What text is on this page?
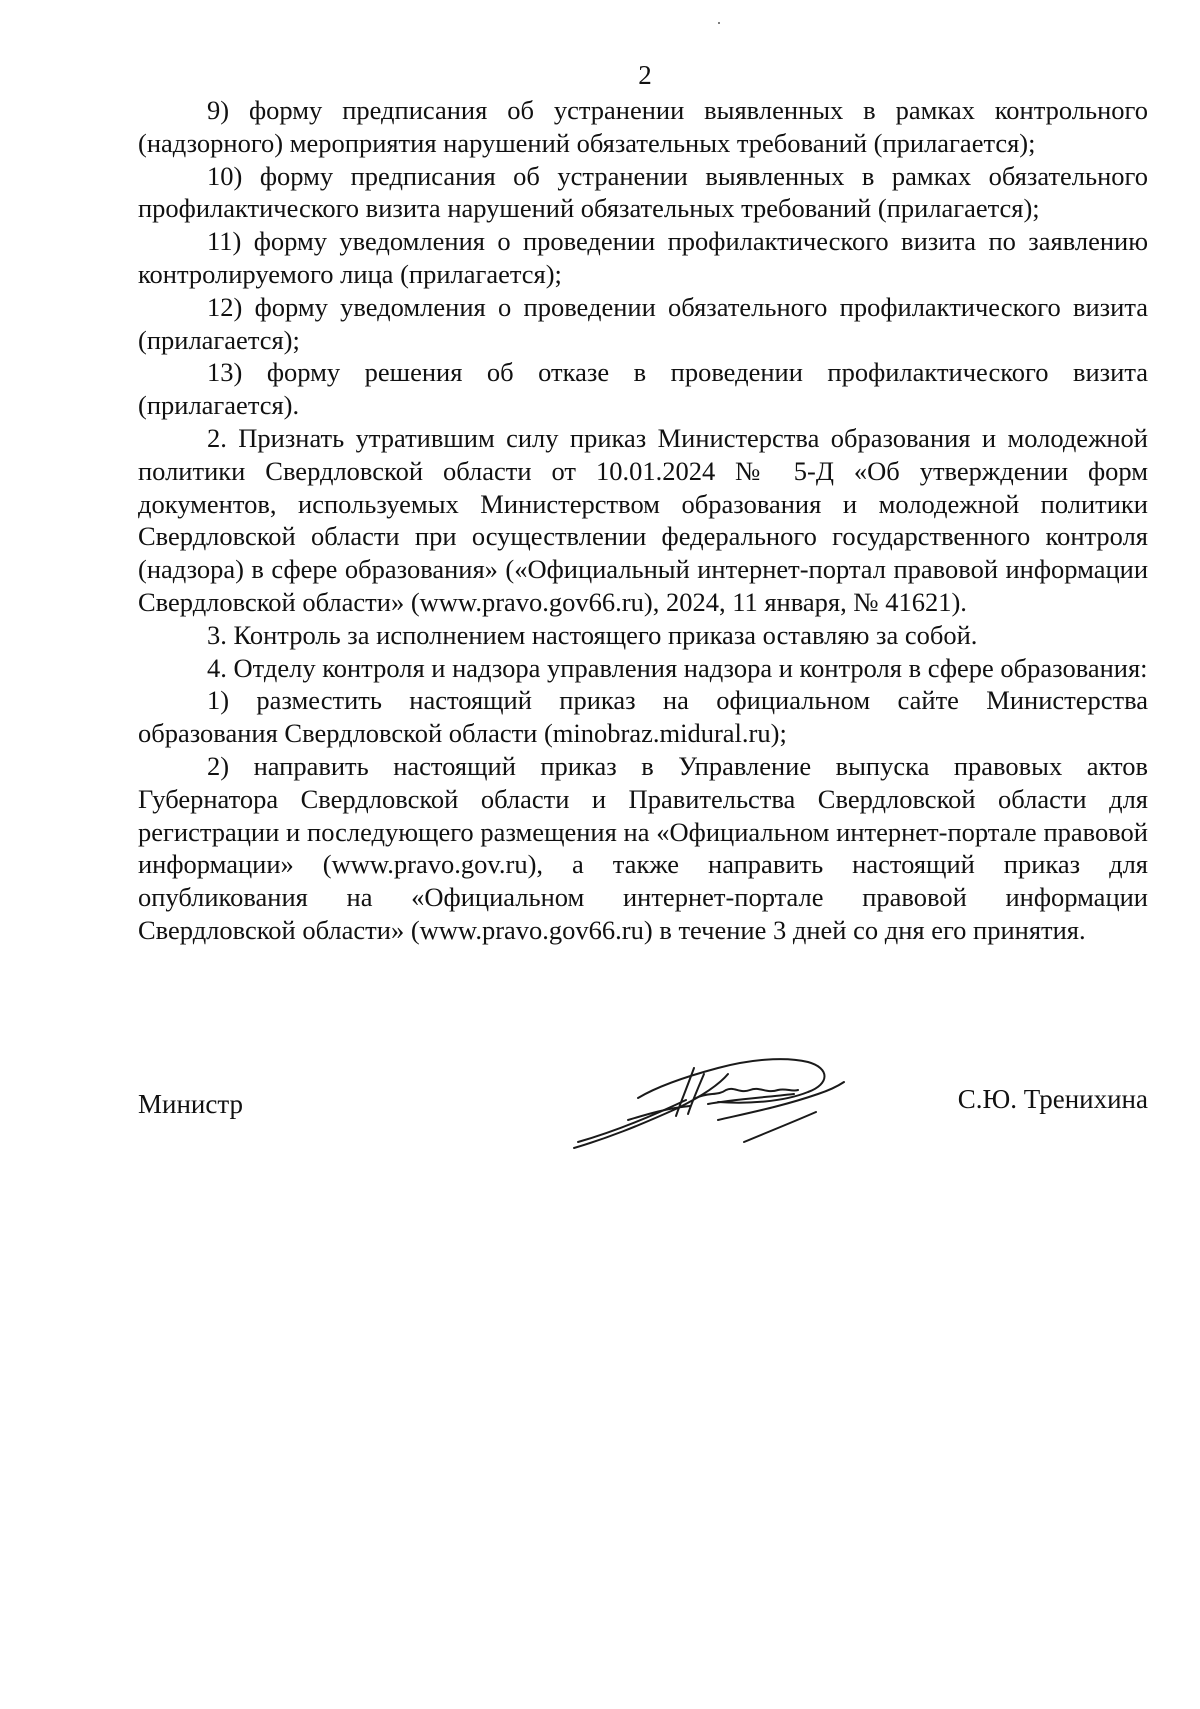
2

9) форму предписания об устранении выявленных в рамках контрольного (надзорного) мероприятия нарушений обязательных требований (прилагается);

10) форму предписания об устранении выявленных в рамках обязательного профилактического визита нарушений обязательных требований (прилагается);

11) форму уведомления о проведении профилактического визита по заявлению контролируемого лица (прилагается);

12) форму уведомления о проведении обязательного профилактического визита (прилагается);

13) форму решения об отказе в проведении профилактического визита (прилагается).

2. Признать утратившим силу приказ Министерства образования и молодежной политики Свердловской области от 10.01.2024 № 5-Д «Об утверждении форм документов, используемых Министерством образования и молодежной политики Свердловской области при осуществлении федерального государственного контроля (надзора) в сфере образования» («Официальный интернет-портал правовой информации Свердловской области» (www.pravo.gov66.ru), 2024, 11 января, № 41621).

3. Контроль за исполнением настоящего приказа оставляю за собой.

4. Отделу контроля и надзора управления надзора и контроля в сфере образования:

1) разместить настоящий приказ на официальном сайте Министерства образования Свердловской области (minobraz.midural.ru);

2) направить настоящий приказ в Управление выпуска правовых актов Губернатора Свердловской области и Правительства Свердловской области для регистрации и последующего размещения на «Официальном интернет-портале правовой информации» (www.pravo.gov.ru), а также направить настоящий приказ для опубликования на «Официальном интернет-портале правовой информации Свердловской области» (www.pravo.gov66.ru) в течение 3 дней со дня его принятия.

Министр	С.Ю. Тренихина
